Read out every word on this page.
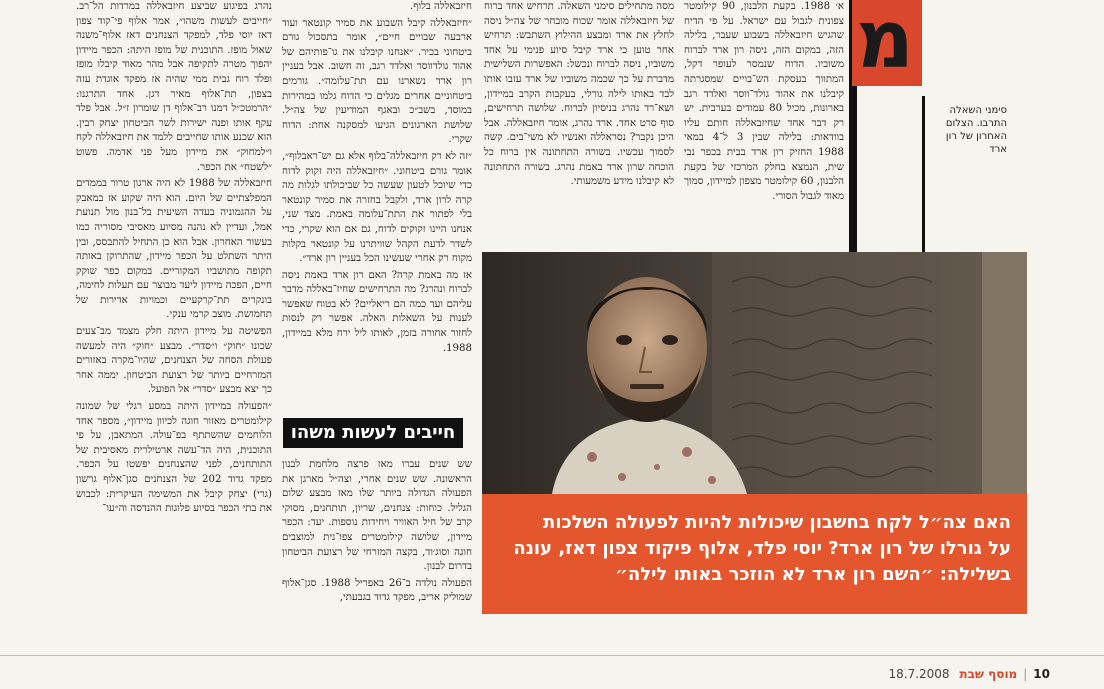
א׳ 1988. בקעת הלבנון, 90 קילומטר צפונית לגבול עם ישראל. על פי הדיח שהגיש חיזבאללה בשבוע שעבר, בלילה הזה, במקום הזה, ניסה רון ארד לברוח משוביו. הדוח שנמסר לעופר דקל, המתווך בעסקת הש־בויים שמסגרתה קיבלנו את אהוד גולד־ווסר ואלדד רגב בארונות, מכיל 80 עמודים בערבית. יש רק דבר אחד שחיזבאללה חותם עליו בוודאות: בלילה שבין 3 ל־4 במאי 1988 החזיק רון ארד בבית בכפר נבי שית, הנמצא בחלק המרכזי של בקעת הלבנון, 60 קילומטר מצפון למיידון, סמוך מאוד לגבול הסורי.

מסה מתחילים סימני השאלה. תרחיש אחד ברוח של חיזבאללה אומר שכוח מובחר של צה״ל ניסה לחלץ את ארד ומבצע ההילוץ השתבש: תרחיש אחר טוען כי ארד קיבל סיוע פנימי על אחד משוביו, ניסה לברוח ונכשל: האפשרות השלישית מדברת על כך שכמה משוביו של ארד עזבו אותו לבד באותו לילה גורלי, בעקבות הקרב במיידון, ושא־רד נהרג בניסיון לברוח. שלושה תרחישים, סוף סרט אחד. ארד נהרג, אומר חיזבאללה. אבל היכן נקבר? נסראללה ואנשיו לא משי־בים. קשה לסמוך עכשיו. בשורה התחתונה אין ברוח כל הוכחה שרון ארד באמת נהרג. בשורה התחתונה לא קיבלנו מידע משמעותי.

חיזבאללה בלוף.

״חיזבאללה קיבל השבוע את סמיר קונטאר ועוד ארבעה שבויים חיים״, אומר בתסכול גורם ביטחוני בכיר. ״אנחנו קיבלנו את גו־פותיהם של אהוד גולדווסר ואלדד רגב, זה חשוב. אבל בעניין רון ארד נשארנו עם תת־עלומה״. גורמים ביטחוניים אחרים מגלים כי הדוח גלמו במהירות במוסד, בשב״כ ובאגף המודיעין של צה״ל. שלושת הארגונים הגיעו למסקנה אחת: הדוח שקרי.

״זה לא רק חיזבאללה־בלוף אלא גם יש־ראבלוף״, אומר גורם ביטחוני. ״חיזבאללה היה זקוק לדוח כדי שיוכל לטעון שעשה כל שביכולתו לגלות מה קרה לרון ארד, ולקבל בחזרה את סמיר קונטאר בלי לפתור את התת־עלומה באמת. מצד שני, אנחנו היינו זקוקים לדוח, גם אם הוא שקרי, כדי לשדר לדעת הקהל שוויתרנו על קונטאר בקלות מקוח רק אחרי שעשינו הכל בעניין רון ארד״.

אז מה באמת קרה? האם רון ארד באמת ניסה לברוח ונהרג? מה התרחישים שחיז־באללה מדבר עליהם ועד כמה הם ריאליים? לא בטוח שאפשר לענות על השאלות האלה. אפשר רק לנסות לחזור אחורה בזמן, לאותו ליל ירח מלא במיידון, 1988.

חייבים לעשות משהו

שש שנים עברו מאז פרצה מלחמת לבנון הראשונה. שש שנים אחרי, וצה״ל מארגן את הפעולה הגדולה ביותר שלו מאז מבצע שלום הגליל. כוחות: צנחנים, שריון, תותחנים, מסוקי קרב של חיל האוויר ויחידות נוספות. יעד: הכפר מיידון, שלושה קילומטרים צפו־נית למוצבים חוגה וסוג׳וד, בקצה המזרחי של רצועת הביטחון בדרום לבנון.

הפעולה נולדה ב־26 באפריל 1988. סגן־אלוף שמוליק אריב, מפקד גדוד בגבעתי,

נהרג בפיגוע שביצע חיזבאללה במרדות הל־רב. ״חייבים לעשות משהו״, אמר אלוף פי־קוד צפון דאז יוסי פלד, למפקד הצנחנים דאז אלוף־משנה שאול מופז. התוכנית של מופז היתה: הכפר מיידון יהפוך מטרה לתקיפה אבל מהר מאוד קיבלו מופז ופלד רוח גבית ממי שהיה אז מפקד אוגדת עזה בצפון, תת־אלוף מאיר דגן. אחד התרגנו: ״הרמטכ״ל דמנו רב־אלוף דן שומרון ז״ל. אבל פלד עקף אותו ופנה ישירות לשר הביטחון יצחק רבין. הוא שכנע אותו שחייבים ללמד את חיזבאללה לקח ו״למחוק״ את מיידון מעל פני אדמה. פשוט ״לשטח״ את הכפר.

חיזבאללה של 1988 לא היה ארגון טרור בממדים המפלצתיים של היום. הוא היה שקוע אז במאבק על ההגמוניה בעדה השיעית בל־בנון מול תנועת אמל, ועדיין לא נהנה מסיוע מאסיבי מסוריה כמו בעשור האחרון. אבל הוא כן התחיל להתבסס, ובין היתר השתלט על הכפר מיידון, שהתרוקן באותה תקופה מתושביו המקוריים. במקום כפר שוקק חיים, הפכה מיידון ליעד מבוצר עם תעלות לחימה, בונקרים תת־קרקעיים וכמויות אדירות של תחמושת. מוצב קרמי ענקי.

הפשיטה על מיידון היתה חלק מצמד מב־צעים שכונו ״חוק״ ו״סדר״. מבצע ״חוק״ היה למעשה פעולת הסחה של הצנחנים, שהיו־מקרה באזורים המזרחיים ביותר של רצועת הביטחון. יממה אחר כך יצא מבצע ״סדר״ אל הפועל.

״הפעולה במיידון היתה במסע רגלי של שמונה קילומטרים מאזור חוגה לכיוון מיידון״, מספר אחד הלוחמים שהשתתף בפ־עולה. המתאבן, על פי התוכנית, היה הד־עשה ארטילרית מאסיבית של התותחנים, לפני שהצנחנים יפשטו על הכפר. מפקד גדוד 202 של הצנחנים סגן־אלוף גרשון (גרי) יצחק קיבל את המשימה העיקרית: לכבוש את בתי הכפר בסיוע פלוגות ההנדסה וה״עו־

מ
סימני השאלה התרבו. הצלום האחרון של רון ארד
האם צה״ל לקח בחשבון שיכולות להיות לפעולה השלכות
על גורלו של רון ארד? יוסי פלד, אלוף פיקוד צפון דאז, עונה
בשלילה: ״השם רון ארד לא הוזכר באותו לילה״
10|מוסף שבת 18.7.2008
